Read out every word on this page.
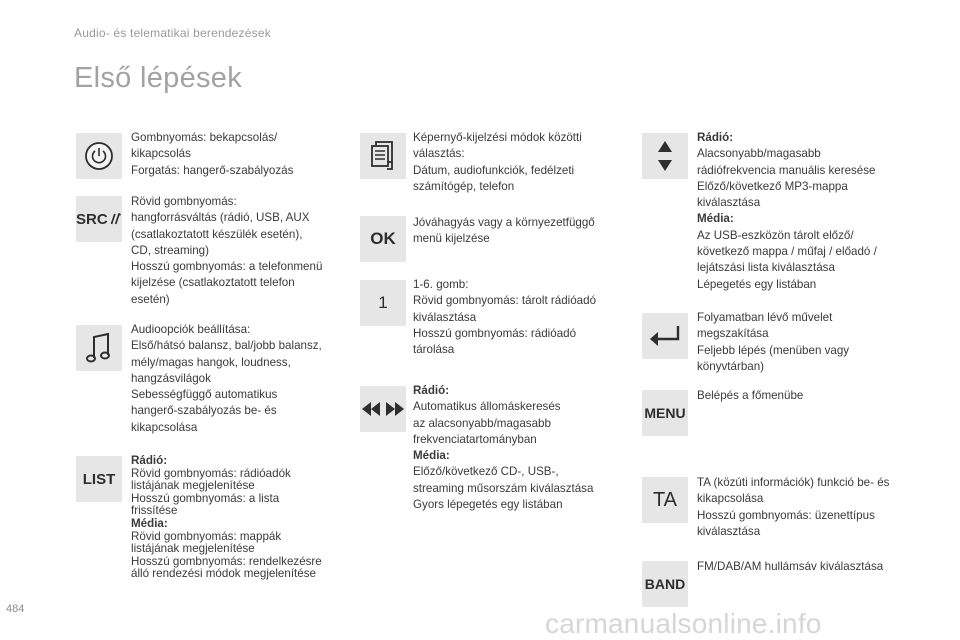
Audio- és telematikai berendezések
Első lépések
Gombnyomás: bekapcsolás/
kikapcsolás
Forgatás: hangerő-szabályozás
SRC
Rövid gombnyomás:
hangforrásváltás (rádió, USB, AUX
(csatlakoztatott készülék esetén),
CD, streaming)
Hosszú gombnyomás: a telefonmenü
kijelzése (csatlakoztatott telefon
esetén)
Audioopciók beállítása:
Első/hátsó balansz, bal/jobb balansz,
mély/magas hangok, loudness,
hangzásvilágok
Sebességfüggő automatikus
hangerő-szabályozás be- és
kikapcsolása
LIST
Rádió:
Rövid gombnyomás: rádióadók
listájának megjelenítése
Hosszú gombnyomás: a lista
frissítése
Média:
Rövid gombnyomás: mappák
listájának megjelenítése
Hosszú gombnyomás: rendelkezésre
álló rendezési módok megjelenítése
Képernyő-kijelzési módok közötti
választás:
Dátum, audiofunkciók, fedélzeti
számítógép, telefon
OK
Jóváhagyás vagy a környezetfüggő
menü kijelzése
1
1-6. gomb:
Rövid gombnyomás: tárolt rádióadó
kiválasztása
Hosszú gombnyomás: rádióadó
tárolása
Rádió:
Automatikus állomáskeresés
az alacsonyabb/magasabb
frekvenciatartományban
Média:
Előző/következő CD-, USB-,
streaming műsorszám kiválasztása
Gyors lépegetés egy listában
Rádió:
Alacsonyabb/magasabb
rádiófrekvencia manuális keresése
Előző/következő MP3-mappa
kiválasztása
Média:
Az USB-eszközön tárolt előző/
következő mappa / műfaj / előadó /
lejátszási lista kiválasztása
Lépegetés egy listában
Folyamatban lévő művelet
megszakítása
Feljebb lépés (menüben vagy
könyvtárban)
MENU
Belépés a főmenübe
TA
TA (közúti információk) funkció be- és
kikapcsolása
Hosszú gombnyomás: üzenettípus
kiválasztása
BAND
FM/DAB/AM hullámsáv kiválasztása
484	carmanualsonline.info
